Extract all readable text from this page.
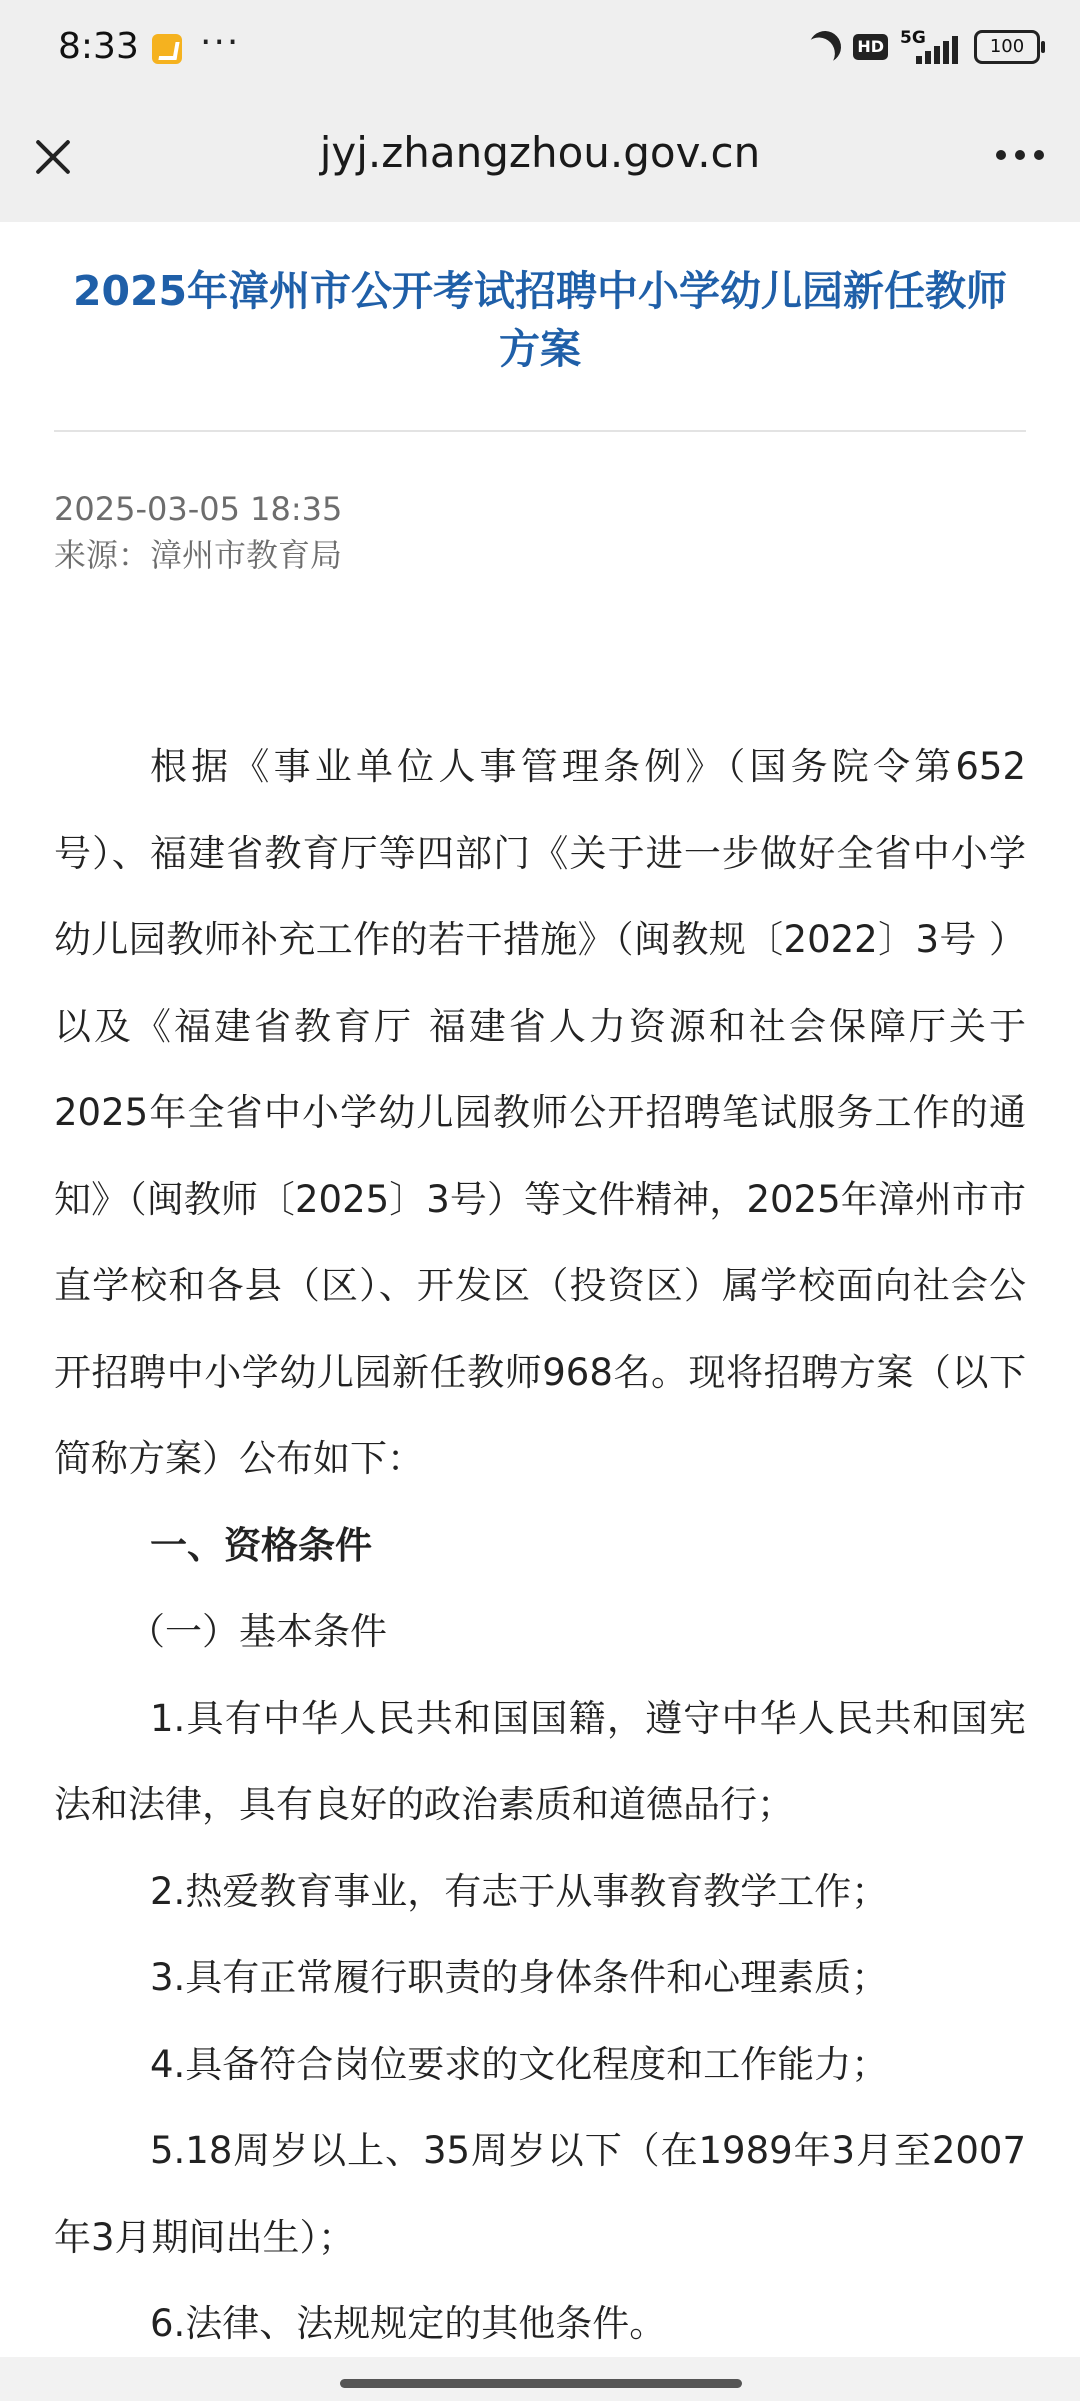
8:33 ···	HD 5G	100
jyj.zhangzhou.gov.cn
2025年漳州市公开考试招聘中小学幼儿园新任教师方案
2025-03-05 18:35
来源：漳州市教育局

根据《事业单位人事管理条例》（国务院令第652号）、福建省教育厅等四部门《关于进一步做好全省中小学幼儿园教师补充工作的若干措施》（闽教规〔2022〕3号 ）以及《福建省教育厅 福建省人力资源和社会保障厅关于2025年全省中小学幼儿园教师公开招聘笔试服务工作的通知》（闽教师〔2025〕3号）等文件精神，2025年漳州市市直学校和各县（区）、开发区（投资区）属学校面向社会公开招聘中小学幼儿园新任教师968名。现将招聘方案（以下简称方案）公布如下：

一、资格条件

（一）基本条件

1.具有中华人民共和国国籍，遵守中华人民共和国宪法和法律，具有良好的政治素质和道德品行；

2.热爱教育事业，有志于从事教育教学工作；

3.具有正常履行职责的身体条件和心理素质；

4.具备符合岗位要求的文化程度和工作能力；

5.18周岁以上、35周岁以下（在1989年3月至2007年3月期间出生）；

6.法律、法规规定的其他条件。
